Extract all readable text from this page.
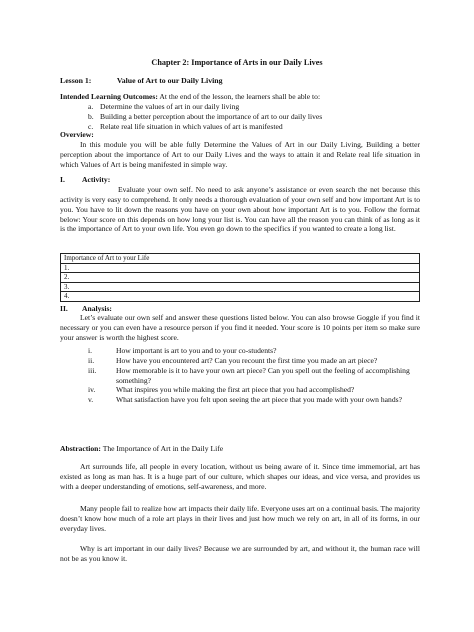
Chapter 2: Importance of Arts in our Daily Lives
Lesson 1:	Value of Art to our Daily Living
Intended Learning Outcomes: At the end of the lesson, the learners shall be able to:
a. Determine the values of art in our daily living
b. Building a better perception about the importance of art to our daily lives
c. Relate real life situation in which values of art is manifested
Overview:
In this module you will be able fully Determine the Values of Art in our Daily Living, Building a better perception about the importance of Art to our Daily Lives and the ways to attain it and Relate real life situation in which Values of Art is being manifested in simple way.
I. Activity:
Evaluate your own self. No need to ask anyone’s assistance or even search the net because this activity is very easy to comprehend. It only needs a thorough evaluation of your own self and how important Art is to you. You have to lit down the reasons you have on your own about how important Art is to you. Follow the format below: Your score on this depends on how long your list is. You can have all the reason you can think of as long as it is the importance of Art to your own life. You even go down to the specifics if you wanted to create a long list.
Importance of Art to your Life
1.
2.
3.
4.
II. Analysis:
Let’s evaluate our own self and answer these questions listed below. You can also browse Goggle if you find it necessary or you can even have a resource person if you find it needed. Your score is 10 points per item so make sure your answer is worth the highest score.
i.	How important is art to you and to your co-students?
ii.	How have you encountered art? Can you recount the first time you made an art piece?
iii.	How memorable is it to have your own art piece? Can you spell out the feeling of accomplishing something?
iv.	What inspires you while making the first art piece that you had accomplished?
v.	What satisfaction have you felt upon seeing the art piece that you made with your own hands?
Abstraction: The Importance of Art in the Daily Life
Art surrounds life, all people in every location, without us being aware of it. Since time immemorial, art has existed as long as man has. It is a huge part of our culture, which shapes our ideas, and vice versa, and provides us with a deeper understanding of emotions, self-awareness, and more.
Many people fail to realize how art impacts their daily life. Everyone uses art on a continual basis. The majority doesn’t know how much of a role art plays in their lives and just how much we rely on art, in all of its forms, in our everyday lives.
Why is art important in our daily lives? Because we are surrounded by art, and without it, the human race will not be as you know it.
